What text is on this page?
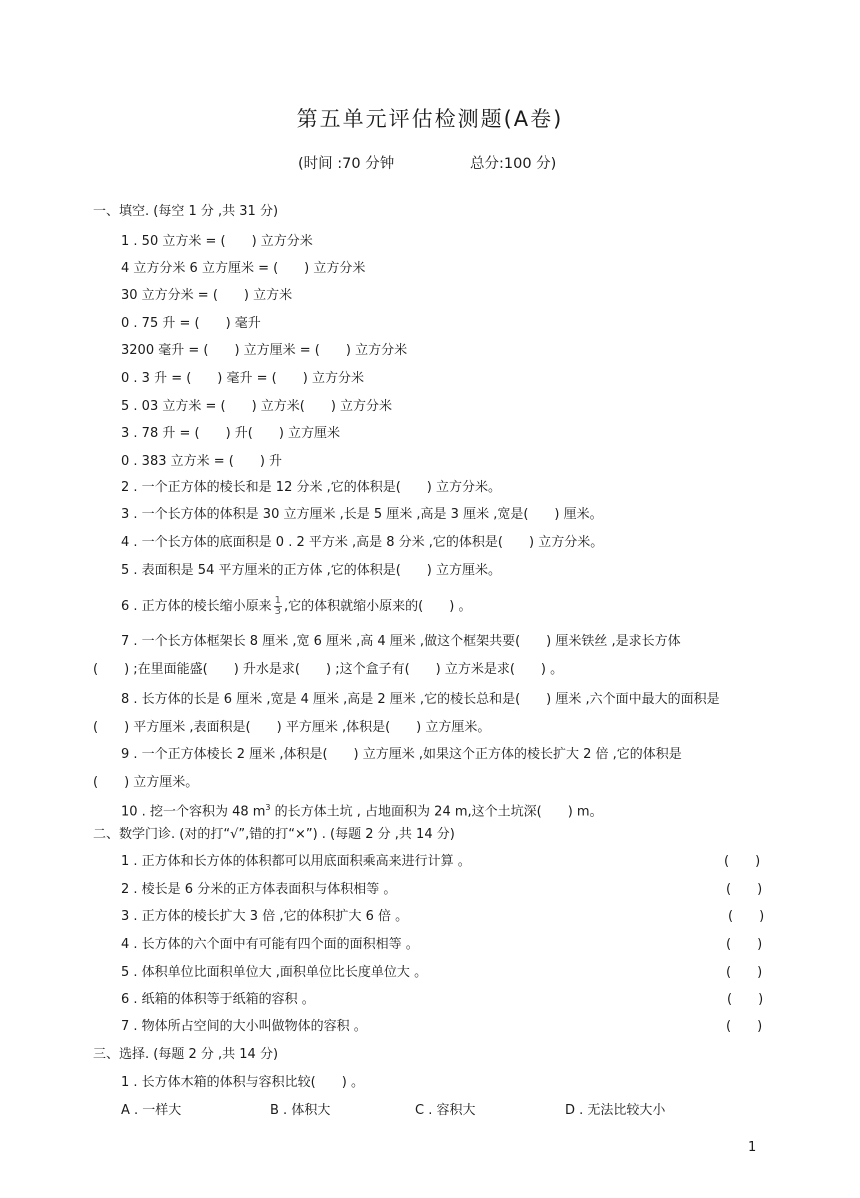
第五单元评估检测题(A卷)
(时间 :70 分钟	总分:100 分)
一、填空. (每空 1 分 ,共 31 分)
1 . 50 立方米 = (　　) 立方分米
4 立方分米 6 立方厘米 = (　　) 立方分米
30 立方分米 = (　　) 立方米
0 . 75 升 = (　　) 毫升
3200 毫升 = (　　) 立方厘米 = (　　) 立方分米
0 . 3 升 = (　　) 毫升 = (　　) 立方分米
5 . 03 立方米 = (　　) 立方米(　　) 立方分米
3 . 78 升 = (　　) 升(　　) 立方厘米
0 . 383 立方米 = (　　) 升
2 . 一个正方体的棱长和是 12 分米 ,它的体积是(　　) 立方分米。
3 . 一个长方体的体积是 30 立方厘米 ,长是 5 厘米 ,高是 3 厘米 ,宽是(　　) 厘米。
4 . 一个长方体的底面积是 0 . 2 平方米 ,高是 8 分米 ,它的体积是(　　) 立方分米。
5 . 表面积是 54 平方厘米的正方体 ,它的体积是(　　) 立方厘米。
6 . 正方体的棱长缩小原来 $\frac{1}{3}$ ,它的体积就缩小原来的(　　) 。
7 . 一个长方体框架长 8 厘米 ,宽 6 厘米 ,高 4 厘米 ,做这个框架共要(　　) 厘米铁丝 ,是求长方体
(　　) ;在里面能盛(　　) 升水是求(　　) ;这个盒子有(　　) 立方米是求(　　) 。
8 . 长方体的长是 6 厘米 ,宽是 4 厘米 ,高是 2 厘米 ,它的棱长总和是(　　) 厘米 ,六个面中最大的面积是
(　　) 平方厘米 ,表面积是(　　) 平方厘米 ,体积是(　　) 立方厘米。
9 . 一个正方体棱长 2 厘米 ,体积是(　　) 立方厘米 ,如果这个正方体的棱长扩大 2 倍 ,它的体积是
(　　) 立方厘米。
10 . 挖一个容积为 48 $m^3$ 的长方体土坑 , 占地面积为 24 m,这个土坑深(　　) m。
二、数学门诊. (对的打“√”,错的打“×”) . (每题 2 分 ,共 14 分)
1 . 正方体和长方体的体积都可以用底面积乘高来进行计算 。	(　　)
2 . 棱长是 6 分米的正方体表面积与体积相等 。	(　　)
3 . 正方体的棱长扩大 3 倍 ,它的体积扩大 6 倍 。	(　　)
4 . 长方体的六个面中有可能有四个面的面积相等 。	(　　)
5 . 体积单位比面积单位大 ,面积单位比长度单位大 。	(　　)
6 . 纸箱的体积等于纸箱的容积 。	(　　)
7 . 物体所占空间的大小叫做物体的容积 。	(　　)
三、选择. (每题 2 分 ,共 14 分)
1 . 长方体木箱的体积与容积比较(　　) 。
A . 一样大	B . 体积大	C . 容积大	D . 无法比较大小
1
